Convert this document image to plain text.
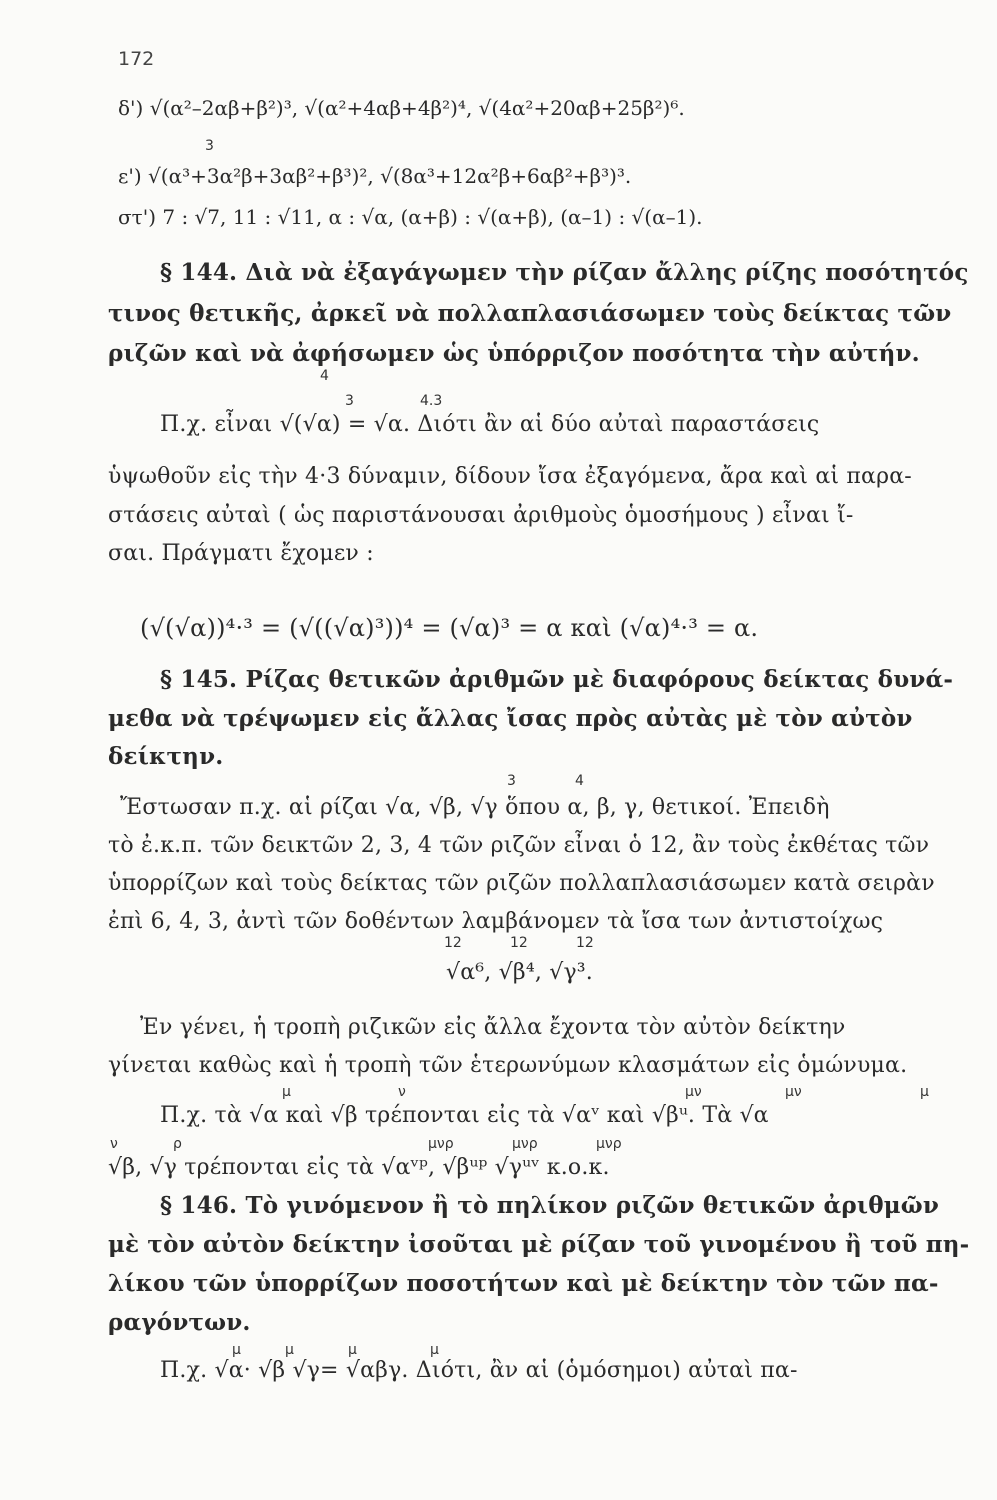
172
δ') √(α²–2αβ+β²)³, √(α²+4αβ+4β²)⁴, √(4α²+20αβ+25β²)⁶.
3
ε') √(α³+3α²β+3αβ²+β³)², √(8α³+12α²β+6αβ²+β³)³.
στ') 7 : √7, 11 : √11, α : √α, (α+β) : √(α+β), (α–1) : √(α–1).
§ 144. Διὰ νὰ ἐξαγάγωμεν τὴν ρίζαν ἄλλης ρίζης ποσότητός
τινος θετικῆς, ἀρκεῖ νὰ πολλαπλασιάσωμεν τοὺς δείκτας τῶν
ριζῶν καὶ νὰ ἀφήσωμεν ὡς ὑπόρριζον ποσότητα τὴν αὐτήν.
4
3	4.3
Π.χ. εἶναι √(√α) = √α. Διότι ἂν αἱ δύο αὐταὶ παραστάσεις
ὑψωθοῦν εἰς τὴν 4·3 δύναμιν, δίδουν ἴσα ἐξαγόμενα, ἄρα καὶ αἱ παρα-
στάσεις αὐταὶ ( ὡς παριστάνουσαι ἀριθμοὺς ὁμοσήμους ) εἶναι ἴ-
σαι. Πράγματι ἔχομεν :
(√(√α))⁴·³ = (√((√α)³))⁴ = (√α)³ = α καὶ (√α)⁴·³ = α.
§ 145. Ρίζας θετικῶν ἀριθμῶν μὲ διαφόρους δείκτας δυνά-
μεθα νὰ τρέψωμεν εἰς ἄλλας ἴσας πρὸς αὐτὰς μὲ τὸν αὐτὸν
δείκτην.
3	4
Ἔστωσαν π.χ. αἱ ρίζαι √α, √β, √γ ὅπου α, β, γ, θετικοί. Ἐπειδὴ
τὸ ἐ.κ.π. τῶν δεικτῶν 2, 3, 4 τῶν ριζῶν εἶναι ὁ 12, ἂν τοὺς ἐκθέτας τῶν
ὑπορρίζων καὶ τοὺς δείκτας τῶν ριζῶν πολλαπλασιάσωμεν κατὰ σειρὰν
ἐπὶ 6, 4, 3, ἀντὶ τῶν δοθέντων λαμβάνομεν τὰ ἴσα των ἀντιστοίχως
12	12	12
√α⁶, √β⁴, √γ³.
Ἐν γένει, ἡ τροπὴ ριζικῶν εἰς ἄλλα ἔχοντα τὸν αὐτὸν δείκτην
γίνεται καθὼς καὶ ἡ τροπὴ τῶν ἑτερωνύμων κλασμάτων εἰς ὁμώνυμα.
μ	ν	μν	μν	μ
Π.χ. τὰ √α καὶ √β τρέπονται εἰς τὰ √αᵛ καὶ √βᵘ. Τὰ √α
ν	ρ	μνρ	μνρ	μνρ
√β, √γ τρέπονται εἰς τὰ √αᵛᵖ, √βᵘᵖ √γᵘᵛ κ.ο.κ.
§ 146. Τὸ γινόμενον ἢ τὸ πηλίκον ριζῶν θετικῶν ἀριθμῶν
μὲ τὸν αὐτὸν δείκτην ἰσοῦται μὲ ρίζαν τοῦ γινομένου ἢ τοῦ πη-
λίκου τῶν ὑπορρίζων ποσοτήτων καὶ μὲ δείκτην τὸν τῶν πα-
ραγόντων.
μ	μ	μ	μ
Π.χ. √α· √β √γ= √αβγ. Διότι, ἂν αἱ (ὁμόσημοι) αὐταὶ πα-
